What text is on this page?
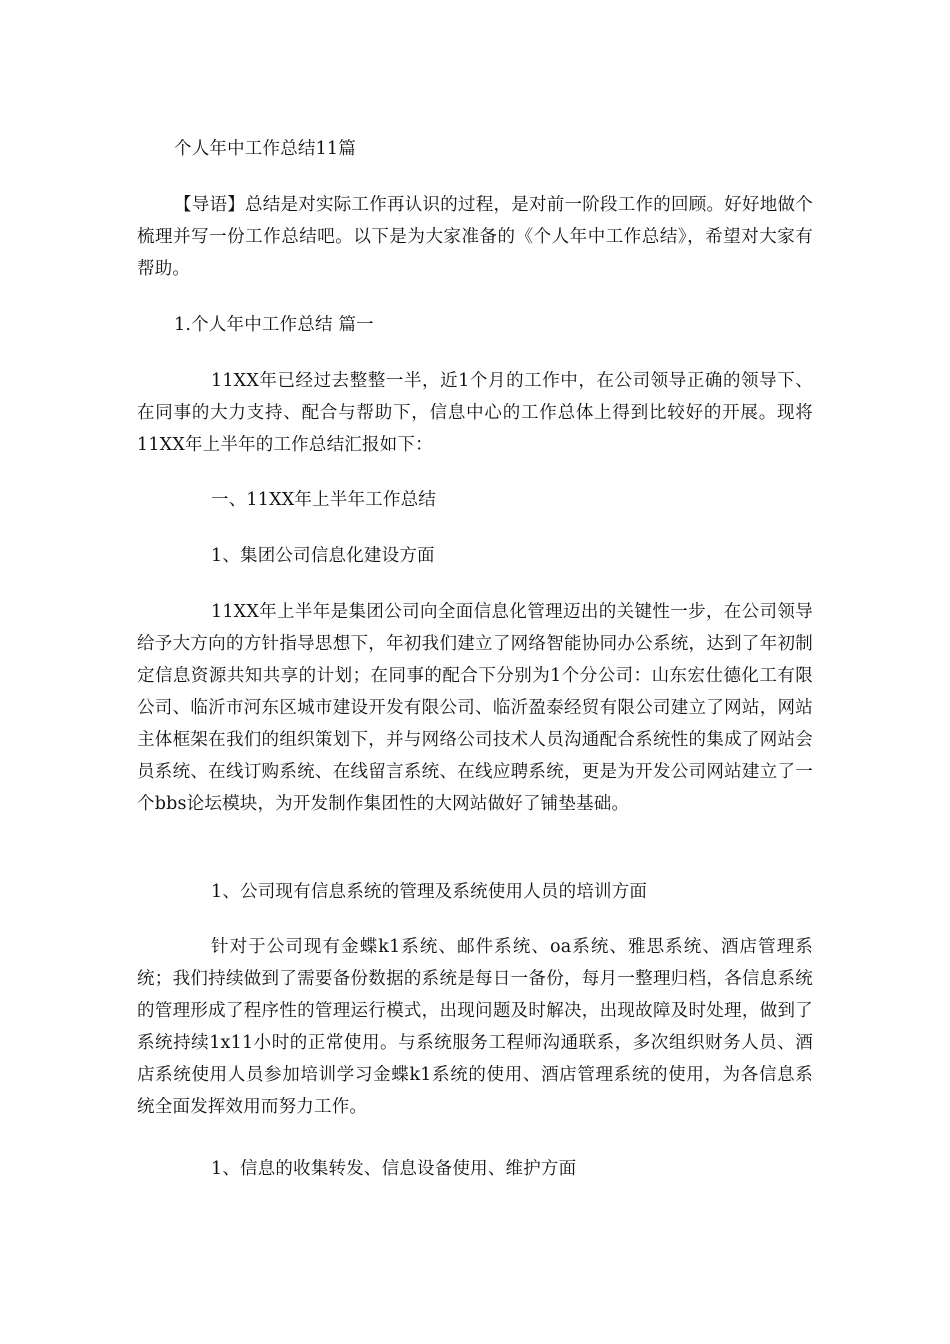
个人年中工作总结11篇

【导语】总结是对实际工作再认识的过程，是对前一阶段工作的回顾。好好地做个梳理并写一份工作总结吧。以下是为大家准备的《个人年中工作总结》，希望对大家有帮助。

1.个人年中工作总结 篇一

11XX年已经过去整整一半，近1个月的工作中，在公司领导正确的领导下、在同事的大力支持、配合与帮助下，信息中心的工作总体上得到比较好的开展。现将11XX年上半年的工作总结汇报如下：

一、11XX年上半年工作总结

1、集团公司信息化建设方面

11XX年上半年是集团公司向全面信息化管理迈出的关键性一步，在公司领导给予大方向的方针指导思想下，年初我们建立了网络智能协同办公系统，达到了年初制定信息资源共知共享的计划；在同事的配合下分别为1个分公司：山东宏仕德化工有限公司、临沂市河东区城市建设开发有限公司、临沂盈泰经贸有限公司建立了网站，网站主体框架在我们的组织策划下，并与网络公司技术人员沟通配合系统性的集成了网站会员系统、在线订购系统、在线留言系统、在线应聘系统，更是为开发公司网站建立了一个bbs论坛模块，为开发制作集团性的大网站做好了铺垫基础。

1、公司现有信息系统的管理及系统使用人员的培训方面

针对于公司现有金蝶k1系统、邮件系统、oa系统、雅思系统、酒店管理系统；我们持续做到了需要备份数据的系统是每日一备份，每月一整理归档，各信息系统的管理形成了程序性的管理运行模式，出现问题及时解决，出现故障及时处理，做到了系统持续1x11小时的正常使用。与系统服务工程师沟通联系，多次组织财务人员、酒店系统使用人员参加培训学习金蝶k1系统的使用、酒店管理系统的使用，为各信息系统全面发挥效用而努力工作。

1、信息的收集转发、信息设备使用、维护方面
